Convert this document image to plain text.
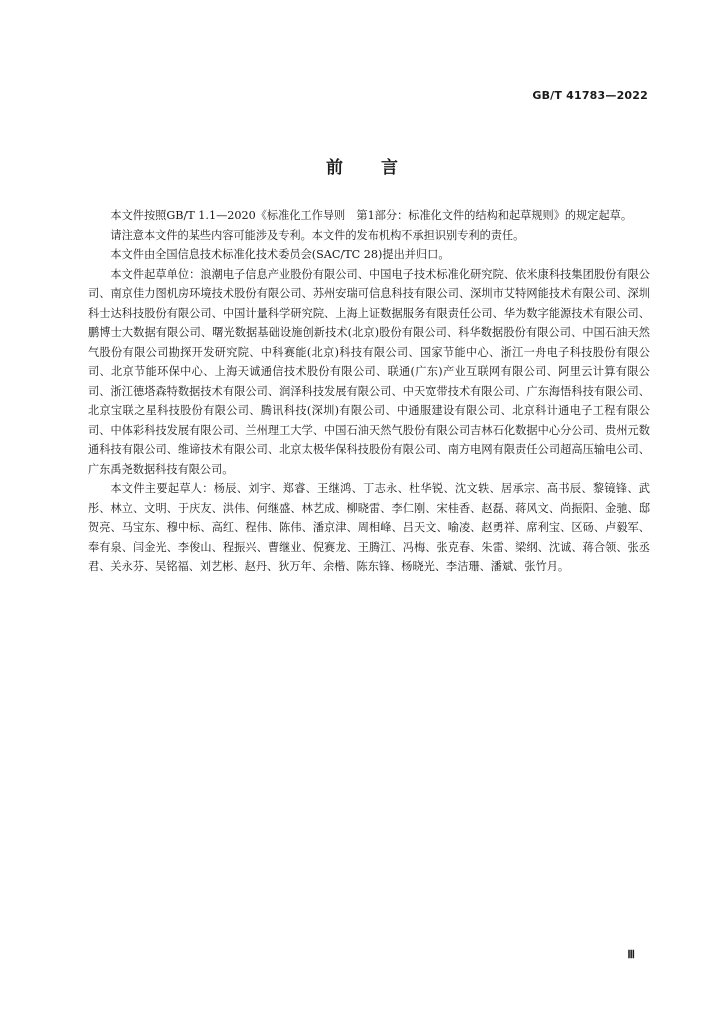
GB/T 41783—2022
前言

本文件按照GB/T 1.1—2020《标准化工作导则　第1部分：标准化文件的结构和起草规则》的规定起草。

请注意本文件的某些内容可能涉及专利。本文件的发布机构不承担识别专利的责任。

本文件由全国信息技术标准化技术委员会(SAC/TC 28)提出并归口。

本文件起草单位：浪潮电子信息产业股份有限公司、中国电子技术标准化研究院、依米康科技集团股份有限公司、南京佳力图机房环境技术股份有限公司、苏州安瑞可信息科技有限公司、深圳市艾特网能技术有限公司、深圳科士达科技股份有限公司、中国计量科学研究院、上海上证数据服务有限责任公司、华为数字能源技术有限公司、鹏博士大数据有限公司、曙光数据基础设施创新技术(北京)股份有限公司、科华数据股份有限公司、中国石油天然气股份有限公司勘探开发研究院、中科赛能(北京)科技有限公司、国家节能中心、浙江一舟电子科技股份有限公司、北京节能环保中心、上海天诚通信技术股份有限公司、联通(广东)产业互联网有限公司、阿里云计算有限公司、浙江德塔森特数据技术有限公司、润泽科技发展有限公司、中天宽带技术有限公司、广东海悟科技有限公司、北京宝联之星科技股份有限公司、腾讯科技(深圳)有限公司、中通服建设有限公司、北京科计通电子工程有限公司、中体彩科技发展有限公司、兰州理工大学、中国石油天然气股份有限公司吉林石化数据中心分公司、贵州元数通科技有限公司、维谛技术有限公司、北京太极华保科技股份有限公司、南方电网有限责任公司超高压输电公司、广东禹尧数据科技有限公司。

本文件主要起草人：杨辰、刘宇、郑睿、王继鸿、丁志永、杜华锐、沈文轶、居承宗、高书辰、黎镜锋、武彤、林立、文明、于庆友、洪伟、何继盛、林艺成、柳晓雷、李仁刚、宋桂香、赵磊、蒋风文、尚振阳、金驰、邸贺亮、马宝东、穆中标、高红、程伟、陈伟、潘京津、周相峰、吕天文、喻凌、赵勇祥、席利宝、区砀、卢毅军、奉有泉、闫金光、李俊山、程振兴、曹继业、倪赛龙、王腾江、冯梅、张克春、朱雷、梁纲、沈诚、蒋合领、张丞君、关永芬、吴铭福、刘艺彬、赵丹、狄万年、余楷、陈东锋、杨晓光、李洁珊、潘斌、张竹月。

Ⅲ
